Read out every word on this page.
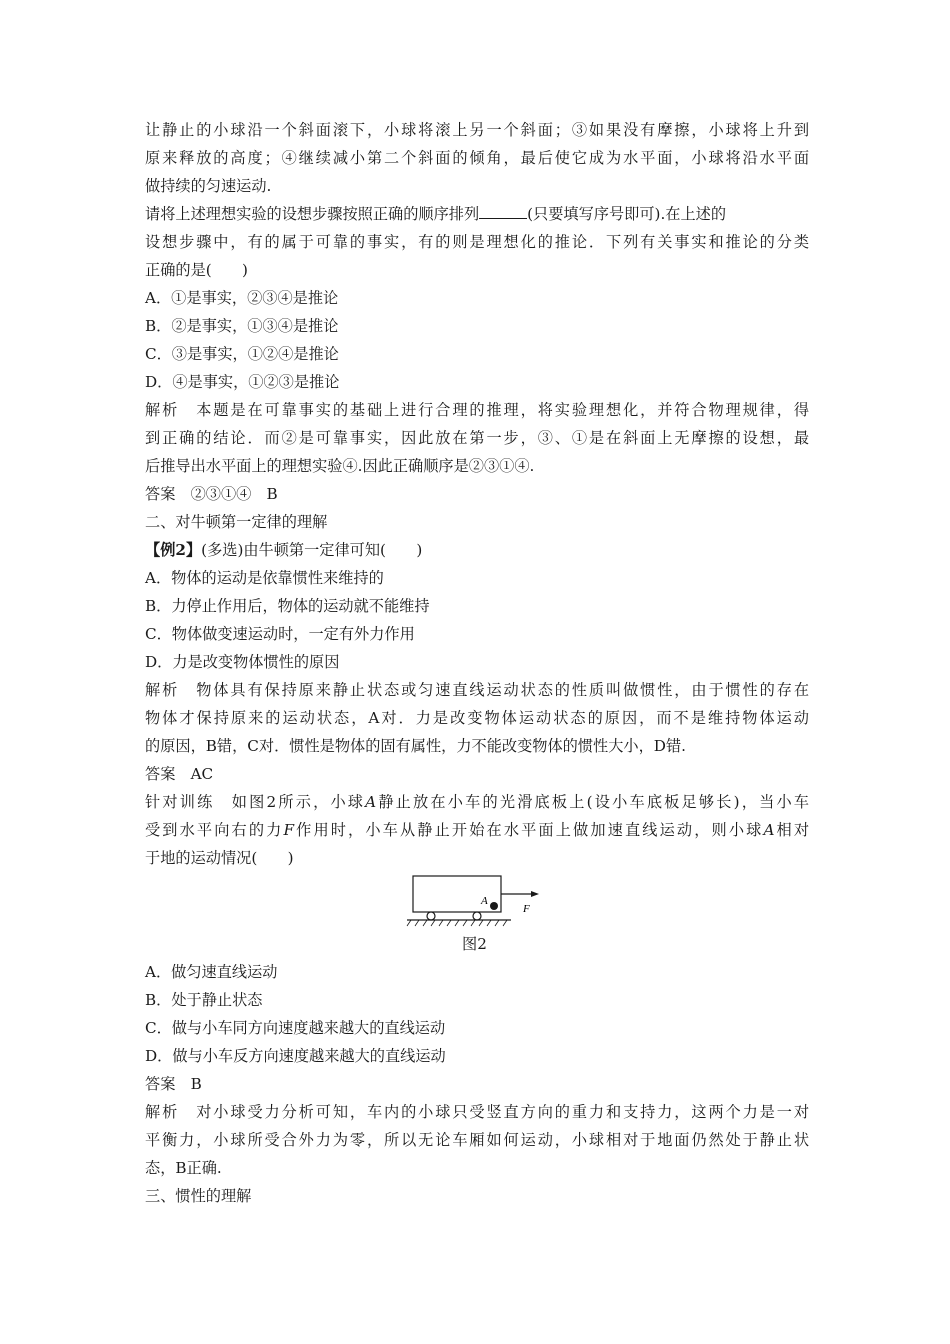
让静止的小球沿一个斜面滚下，小球将滚上另一个斜面；③如果没有摩擦，小球将上升到
原来释放的高度；④继续减小第二个斜面的倾角，最后使它成为水平面，小球将沿水平面
做持续的匀速运动.
请将上述理想实验的设想步骤按照正确的顺序排列	(只要填写序号即可).在上述的
设想步骤中，有的属于可靠的事实，有的则是理想化的推论．下列有关事实和推论的分类
正确的是(　　)
A．①是事实，②③④是推论
B．②是事实，①③④是推论
C．③是事实，①②④是推论
D．④是事实，①②③是推论
解析　本题是在可靠事实的基础上进行合理的推理，将实验理想化，并符合物理规律，得
到正确的结论．而②是可靠事实，因此放在第一步，③、①是在斜面上无摩擦的设想，最
后推导出水平面上的理想实验④.因此正确顺序是②③①④.
答案　②③①④　B
二、对牛顿第一定律的理解
【例2】(多选)由牛顿第一定律可知(　　)
A．物体的运动是依靠惯性来维持的
B．力停止作用后，物体的运动就不能维持
C．物体做变速运动时，一定有外力作用
D．力是改变物体惯性的原因
解析　物体具有保持原来静止状态或匀速直线运动状态的性质叫做惯性，由于惯性的存在
物体才保持原来的运动状态，A对．力是改变物体运动状态的原因，而不是维持物体运动
的原因，B错，C对．惯性是物体的固有属性，力不能改变物体的惯性大小，D错.
答案　AC
针对训练　如图2所示，小球A静止放在小车的光滑底板上(设小车底板足够长)，当小车
受到水平向右的力F作用时，小车从静止开始在水平面上做加速直线运动，则小球A相对
于地的运动情况(　　)
A
F
图2
A．做匀速直线运动
B．处于静止状态
C．做与小车同方向速度越来越大的直线运动
D．做与小车反方向速度越来越大的直线运动
答案　B
解析　对小球受力分析可知，车内的小球只受竖直方向的重力和支持力，这两个力是一对
平衡力，小球所受合外力为零，所以无论车厢如何运动，小球相对于地面仍然处于静止状
态，B正确.
三、惯性的理解
